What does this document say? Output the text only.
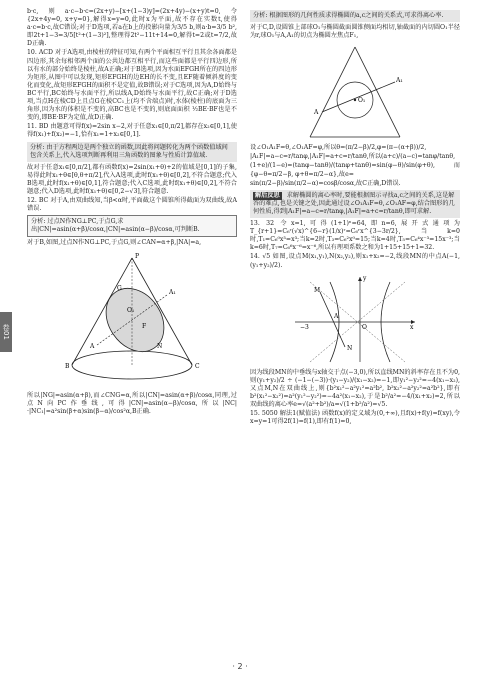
卷01

b·c,则a·c−b·c=(2x+y)−[x+(1−3)y]=(2x+4y)−(x+y)t=0,令{2x+4y=0, x+y=0},解得x=y=0,此时x为平面,故不存在实数t,使得a·c=b·c,故C错误;对于D选项,若a在b上的投影向量为3/5 b,则a·b=3/5 b²,即2t+1−3=3/5[t²+(1−3)²],整理得2t²−11t+14=0,解得t=2或t=7/2,故D正确.

10. ACD 对于A选项,由棱柱的特征可知,有两个平面相互平行且其余各面都是四边形,其余每相邻两个面的公共边都互相平行,而这些面都是平行四边形,所以有水的部分始终是棱柱,故A正确;对于B选项,因为水面EFGH所在的四边形为矩形,从图中可以发现,矩形EFGH的边EH的长不变,且EF随着倾斜度的变化而变化,故矩形EFGH的面积不是定值,故B错误;对于C选项,因为A,D始终与BC平行,BC始终与水面平行,所以线A,D始终与水面平行,故C正确;对于D选项,当点H在棱CD上且点G在棱CC₁上(均不含端点)时,水体(棱柱)的底面为三角形,因为水的体积是不变的,高BC也是不变的,则底面面积 ½BE·BF也是不变的,即BE·BF为定值,故D正确.

11. BD 由题意可得f(x)=2sin x−2,对于任意x₁∈[0,π/2],都存在x₂∈[0,1],使得f(x₁)+f(x₂)=−1,恰有x₁=1+x₂∈[0,1].

分析: 由于方程两边是两个独立的函数,因此将问题转化为两个函数值域间包含关系上,代入选项判断再利用三角函数的图象与性质计算值域.

故对于任意x₁∈[0,π/2],都有函数f(x)=2sin(x₁+θ)+2的值域是[0,1]的子集,易得此时x₁+θ∈[θ,θ+π/2],代入A选项,此时f(x₁+θ)∈[0,2],不符合题意;代入B选项,此时f(x₁+θ)∈[0,1],符合题意;代入C选项,此时f(x₁+θ)∈[0,2],不符合题意;代入D选项,此时f(x₁+θ)∈[0,2−√3],符合题意.

12. BC 对于A,由双曲线知,当β<α时,平面截这个圆锥所得截面为双曲线,故A错误.

分析: 过点N作NG⊥PC,于点G,求出|CN|=asin(α+β)/cosα,|CN|=asin(α−β)/cosα,可判断B.

对于B,如图,过点N作NG⊥PC,于点G,则∠CAN=α+β,|NA|=a,

P
A
A₁
O₁
F
B	C
N
G

所以|NG|=asin(α+β),而∠CNG=α,所以|CN|=asin(α+β)/cosα,同理,过点N向PC作垂线,可得|CN|=asin(α−β)/cosα,所以|NC|·|NC₁|=a²sin(β+α)sin(β−α)/cos²α,B正确.

分析: 根据图形的几何性质求得椭圆的a,c之间的关系式,可求得离心率.

对于C,D,设圆锥上部球O₁与椭圆截面圆锥侧面均相切,轴截面的内切圆O₁半径为r,球O₁与A,A₁的切点为椭圆左焦点F₁,

O₁
A
A₁

设∠O₁A₁F=θ,∠O₁AF=φ,所以θ=(π/2−β)/2,φ=(π−(α+β))/2,

|A₁F|=a−c=r/tanφ,|A₁F|=a+c=r/tanθ,所以(a+c)/(a−c)=tanφ/tanθ,

(1+e)/(1−e)=(tanφ−tanθ)/(tanφ+tanθ)=sin(φ−θ)/sin(φ+θ),而{φ−θ=π/2−β, φ+θ=π/2−α},故e=

sin(π/2−β)/sin(π/2−α)=cosβ/cosα,故C正确,D错误.

解后反思 求解椭圆的离心率时,要能根据图示寻找a,c之间的关系,这是解答的难点,也是关键之处,因此通过设∠O₁A₁F=θ,∠O₁AF=φ,结合图形的几何性质,得到|A₁F|=a−c=r/tanφ,|A₁F|=a+c=r/tanθ,即可求解.

13. 32 令x=1,可得(1+1)ⁿ=64,即n=6,展开式通项为T_{r+1}=C₆ʳ(√x)^{6−r}(1/x)ʳ=C₆ʳx^{3−3r/2},当k=0时,T₁=C₆⁰x³=x³;当k=2时,T₃=C₆²x⁰=15;当k=4时,T₅=C₆⁴x⁻³=15x⁻³;当k=6时,T₇=C₆⁶x⁻⁶=x⁻⁶,所以有理项系数之和为1+15+15+1=32.

14. √5 如图,设点M(x₁,y₁),N(x₂,y₂),则x₁+x₂=−2,线段MN的中点A(−1,(y₁+y₂)/2).

y
x
O
M
N
A
−3

因为线段MN的中垂线与x轴交于点(−3,0),所以直线MN的斜率存在且不为0,则(y₁+y₂)/2 ÷ (−1−(−3))·(y₁−y₂)/(x₁−x₂)=−1,即y₁²−y₂²=−4(x₁−x₂),又点M,N在双曲线上,则{b²x₁²−a²y₁²=a²b², b²x₂²−a²y₂²=a²b²},即有b²(x₁²−x₂²)=a²(y₁²−y₂²)=−4a²(x₁−x₂),于是b²/a²=−4/(x₁+x₂)=2,所以双曲线的离心率e=√(a²+b²)/a=√(1+b²/a²)=√5.

15. 5050 解法1(赋值法) 函数f(x)的定义域为(0,+∞),且f(x)+f(y)=f(xy),令x=y=1可得2f(1)=f(1),即有f(1)=0,

· 2 ·
